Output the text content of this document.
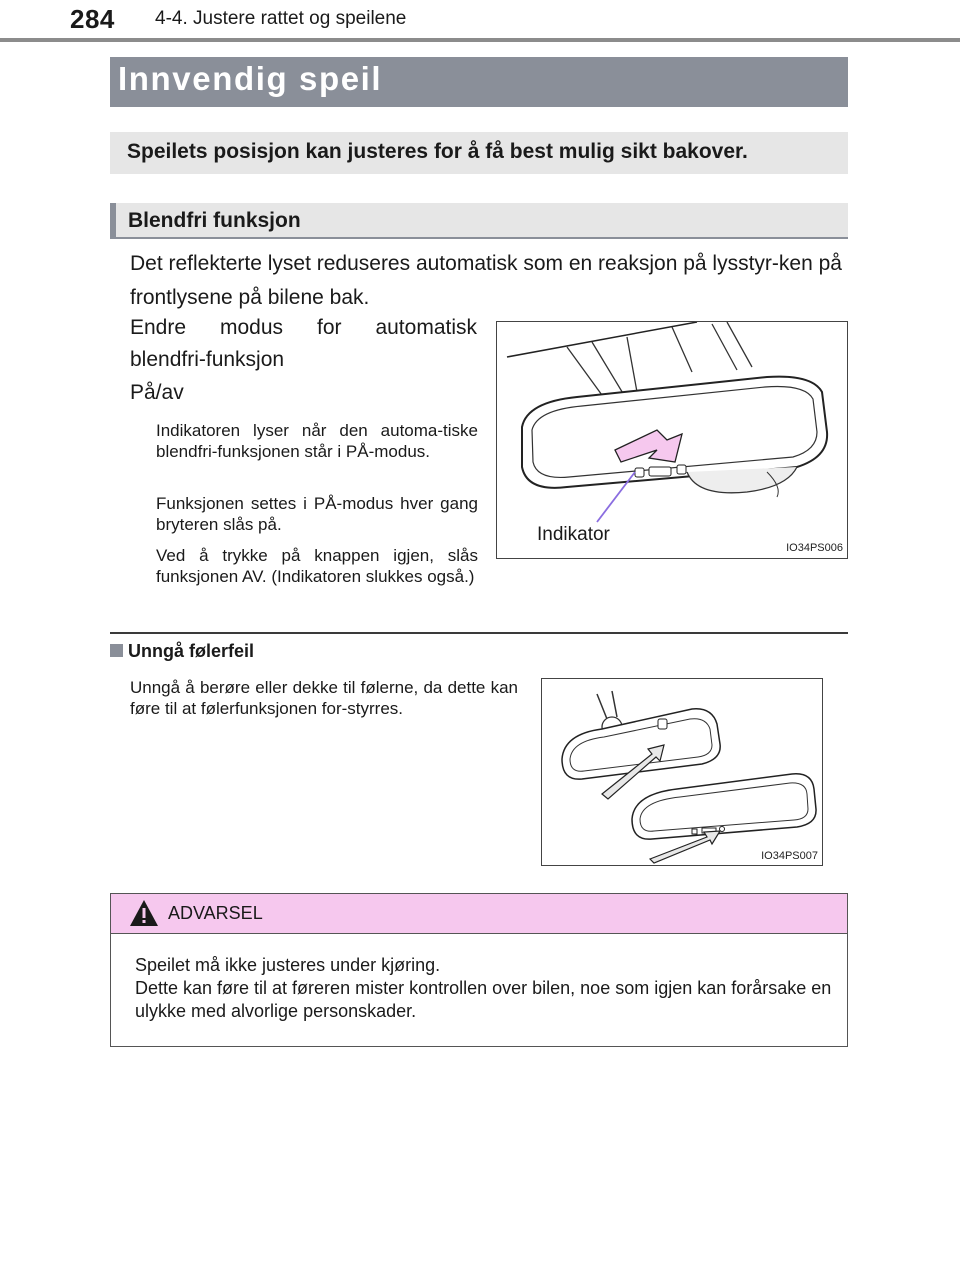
284 4-4. Justere rattet og speilene
Innvendig speil
Speilets posisjon kan justeres for å få best mulig sikt bakover.
Blendfri funksjon
Det reflekterte lyset reduseres automatisk som en reaksjon på lysstyr-ken på frontlysene på bilene bak.
Endre modus for automatisk
blendfri-funksjon
På/av
Indikatoren lyser når den automa-tiske blendfri-funksjonen står i PÅ-modus.
Funksjonen settes i PÅ-modus hver gang bryteren slås på.
Ved å trykke på knappen igjen, slås funksjonen AV. (Indikatoren slukkes også.)
Indikator
IO34PS006
Unngå følerfeil
Unngå å berøre eller dekke til følerne, da dette kan føre til at følerfunksjonen for-styrres.
IO34PS007
ADVARSEL
Speilet må ikke justeres under kjøring.
Dette kan føre til at føreren mister kontrollen over bilen, noe som igjen kan forårsake en ulykke med alvorlige personskader.
